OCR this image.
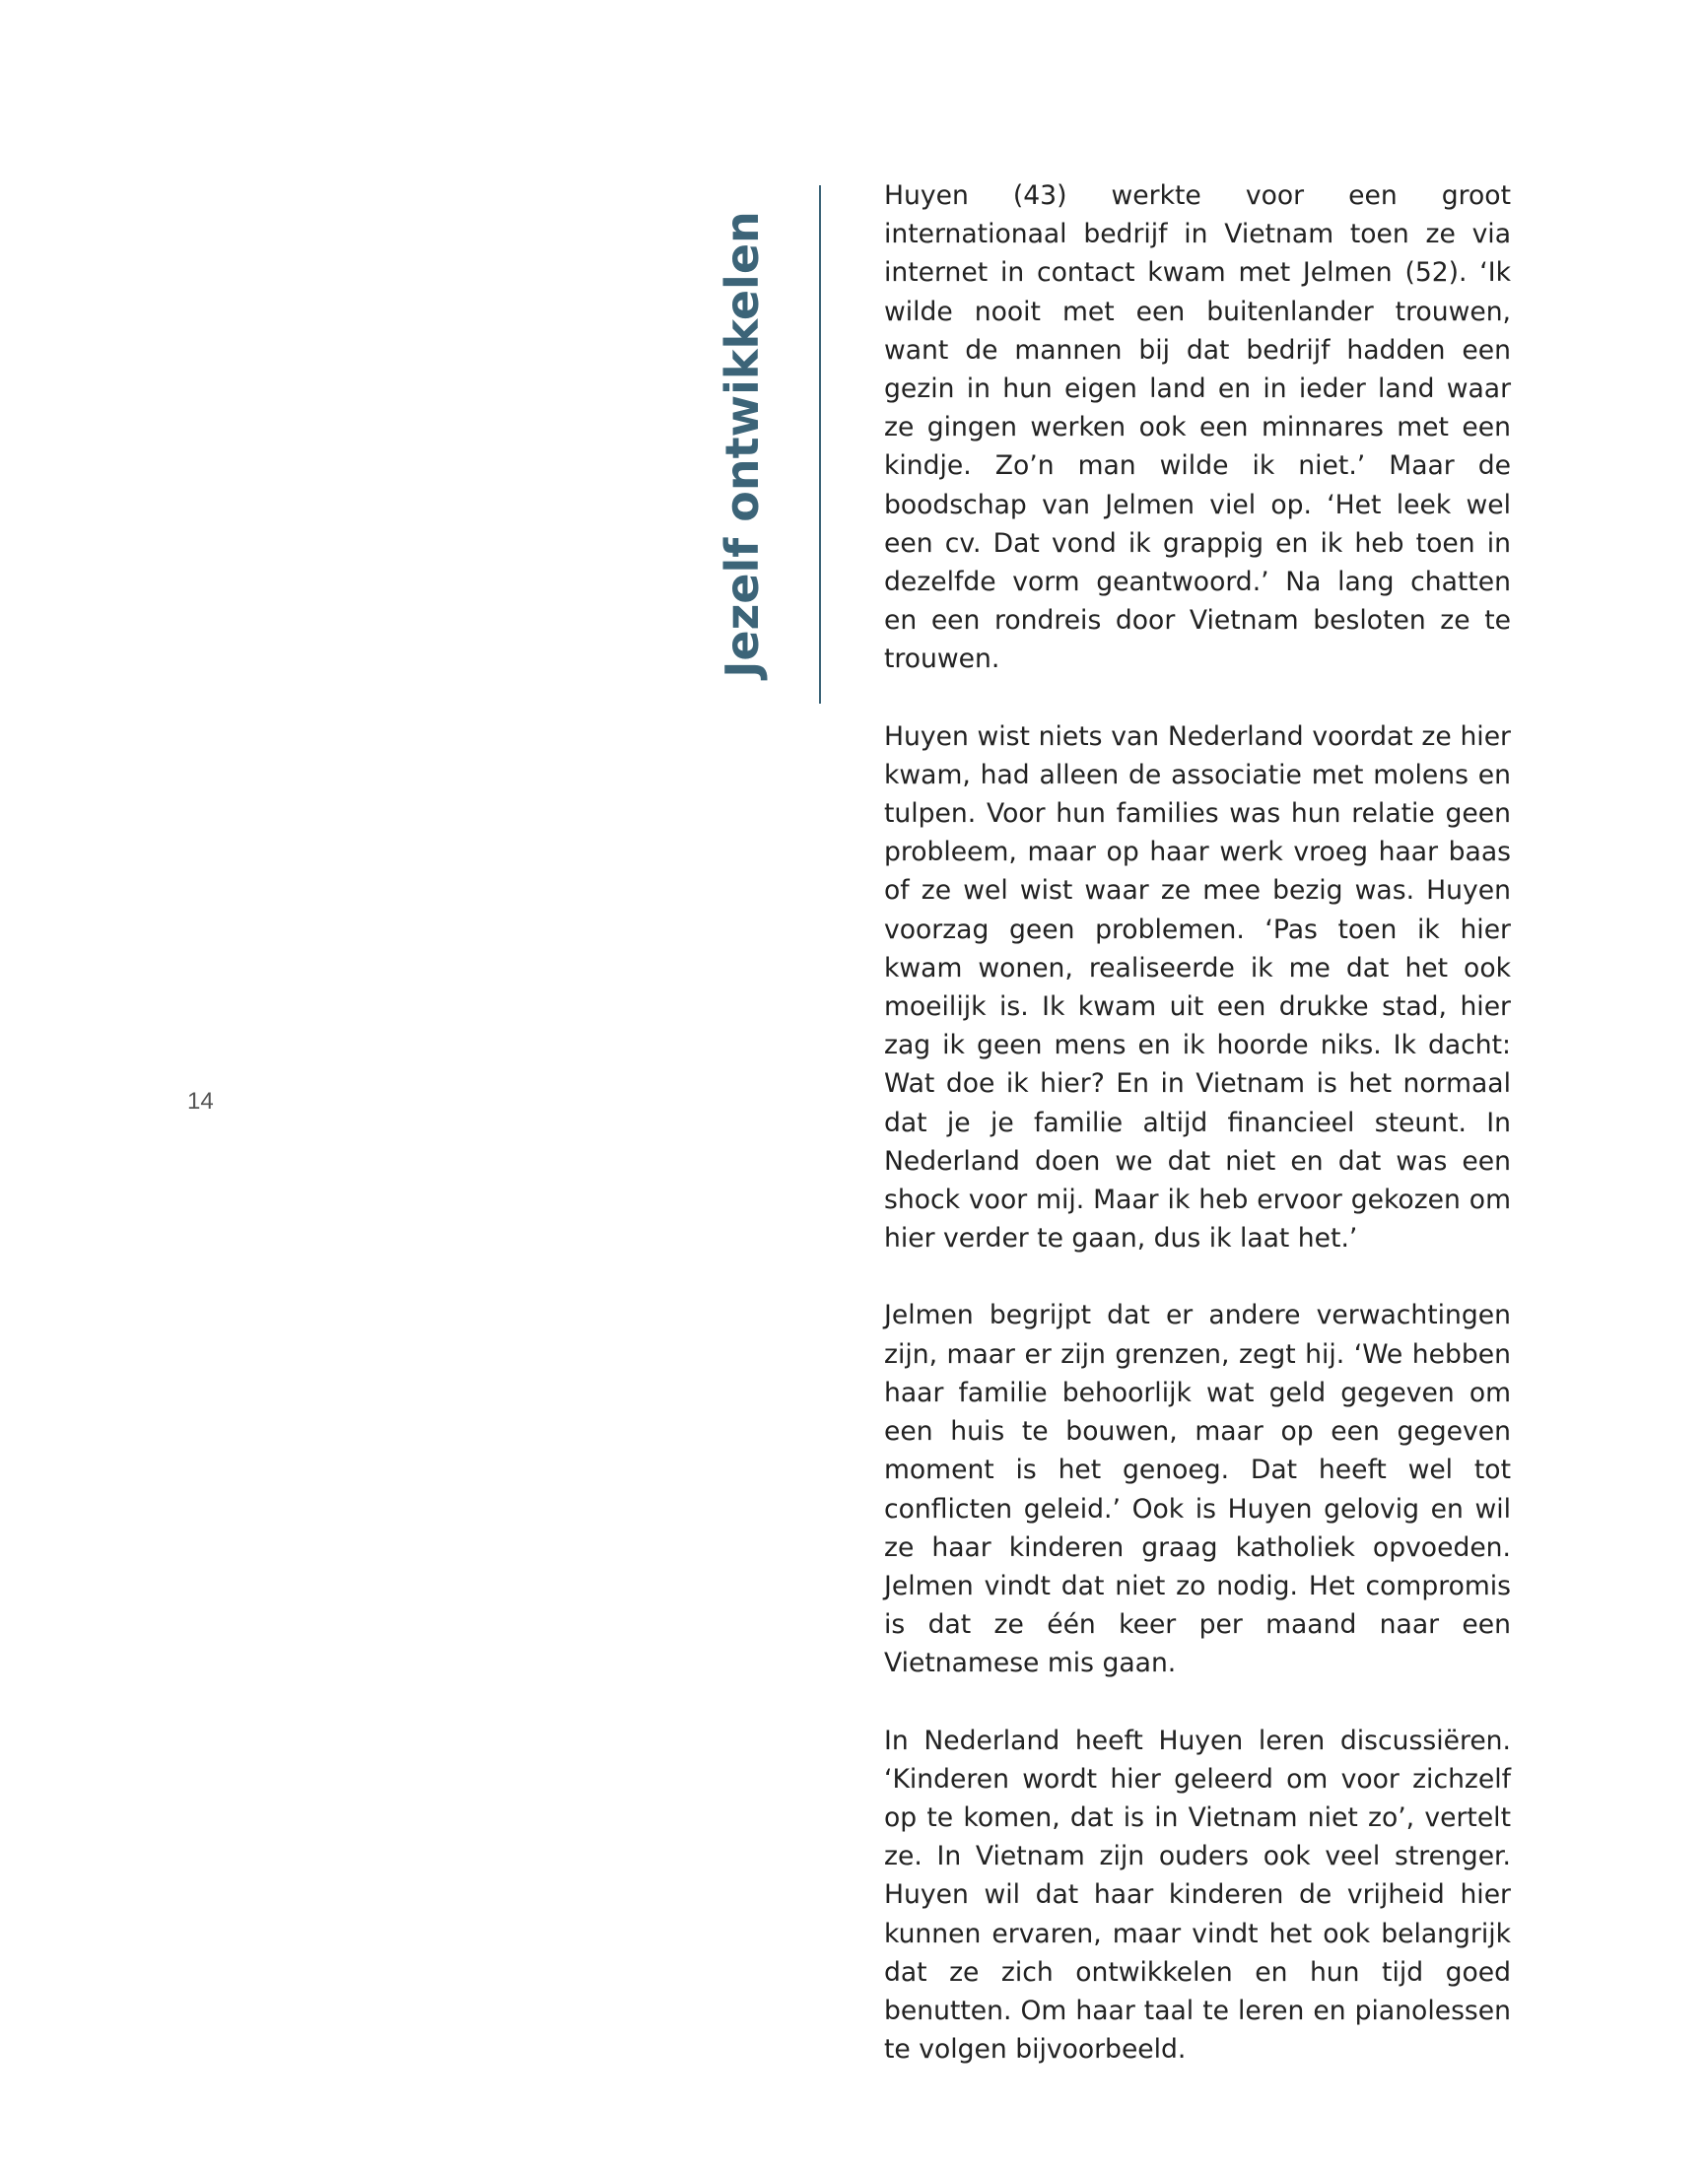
14
Jezelf ontwikkelen

Huyen (43) werkte voor een groot internationaal bedrijf in Vietnam toen ze via internet in contact kwam met Jelmen (52). ‘Ik wilde nooit met een buitenlander trouwen, want de mannen bij dat bedrijf hadden een gezin in hun eigen land en in ieder land waar ze gingen werken ook een minnares met een kindje. Zo’n man wilde ik niet.’ Maar de boodschap van Jelmen viel op. ‘Het leek wel een cv. Dat vond ik grappig en ik heb toen in dezelfde vorm geantwoord.’ Na lang chatten en een rondreis door Vietnam besloten ze te trouwen.

Huyen wist niets van Nederland voordat ze hier kwam, had alleen de associatie met molens en tulpen. Voor hun families was hun relatie geen probleem, maar op haar werk vroeg haar baas of ze wel wist waar ze mee bezig was. Huyen voorzag geen problemen. ‘Pas toen ik hier kwam wonen, realiseerde ik me dat het ook moeilijk is. Ik kwam uit een drukke stad, hier zag ik geen mens en ik hoorde niks. Ik dacht: Wat doe ik hier? En in Vietnam is het normaal dat je je familie altijd financieel steunt. In Nederland doen we dat niet en dat was een shock voor mij. Maar ik heb ervoor gekozen om hier verder te gaan, dus ik laat het.’

Jelmen begrijpt dat er andere verwachtingen zijn, maar er zijn grenzen, zegt hij. ‘We hebben haar familie behoorlijk wat geld gegeven om een huis te bouwen, maar op een gegeven moment is het genoeg. Dat heeft wel tot conflicten geleid.’ Ook is Huyen gelovig en wil ze haar kinderen graag katholiek opvoeden. Jelmen vindt dat niet zo nodig. Het compromis is dat ze één keer per maand naar een Vietnamese mis gaan.

In Nederland heeft Huyen leren discussiëren. ‘Kinderen wordt hier geleerd om voor zichzelf op te komen, dat is in Vietnam niet zo’, vertelt ze. In Vietnam zijn ouders ook veel strenger. Huyen wil dat haar kinderen de vrijheid hier kunnen ervaren, maar vindt het ook belangrijk dat ze zich ontwikkelen en hun tijd goed benutten. Om haar taal te leren en pianolessen te volgen bijvoorbeeld.
